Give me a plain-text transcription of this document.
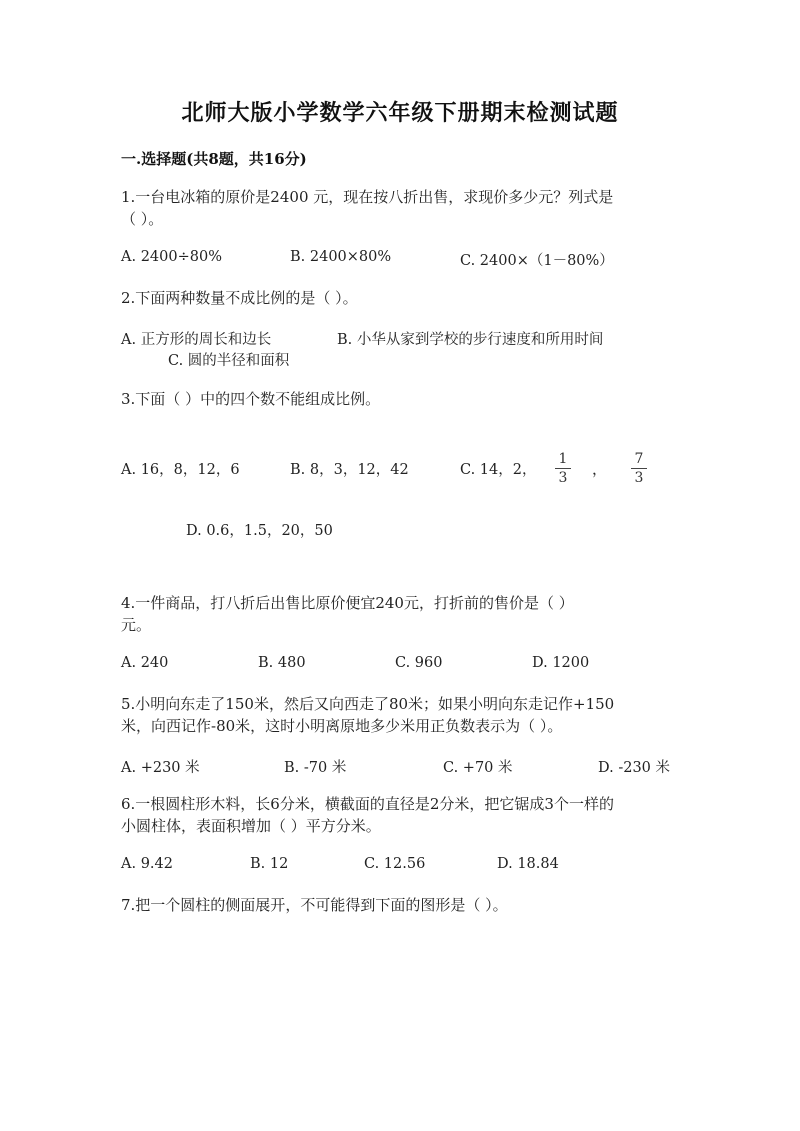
北师大版小学数学六年级下册期末检测试题
一.选择题(共8题，共16分)
1.一台电冰箱的原价是2400 元，现在按八折出售，求现价多少元？列式是
（ ）。
A. 2400÷80%	B. 2400×80%	C. 2400×（1－80%）
2.下面两种数量不成比例的是（ ）。
A. 正方形的周长和边长	B. 小华从家到学校的步行速度和所用时间
C. 圆的半径和面积
3.下面（ ）中的四个数不能组成比例。
A. 16，8，12，6	B. 8，3，12，42	C. 14，2，
1
3	，
7
3
D. 0.6，1.5，20，50
4.一件商品，打八折后出售比原价便宜240元，打折前的售价是（ ）
元。
A. 240	B. 480	C. 960	D. 1200
5.小明向东走了150米，然后又向西走了80米；如果小明向东走记作+150
米，向西记作-80米，这时小明离原地多少米用正负数表示为（ ）。
A. +230 米	B. -70 米	C. +70 米	D. -230 米
6.一根圆柱形木料，长6分米，横截面的直径是2分米，把它锯成3个一样的
小圆柱体，表面积增加（ ）平方分米。
A. 9.42	B. 12	C. 12.56	D. 18.84
7.把一个圆柱的侧面展开，不可能得到下面的图形是（ ）。
